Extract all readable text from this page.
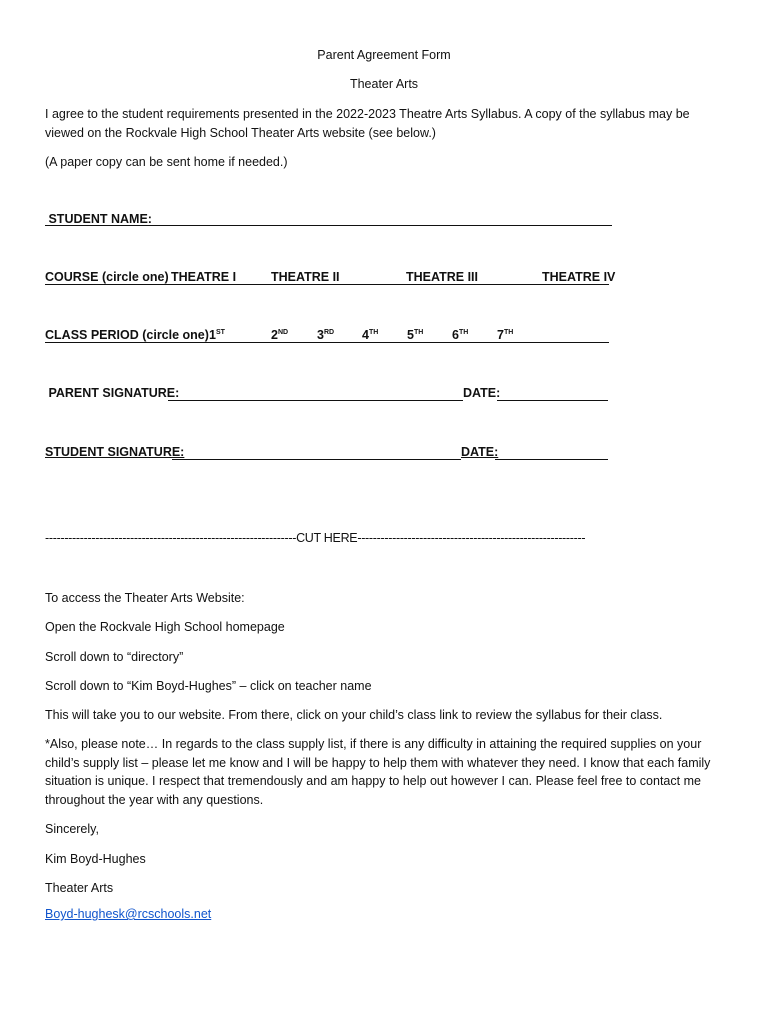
Parent Agreement Form
Theater Arts
I agree to the student requirements presented in the 2022-2023 Theatre Arts Syllabus. A copy of the syllabus may be viewed on the Rockvale High School Theater Arts website (see below.)
(A paper copy can be sent home if needed.)
STUDENT NAME:
COURSE (circle one) THEATRE I	THEATRE II	THEATRE III	THEATRE IV
CLASS PERIOD (circle one) 1ST	2ND 3RD 4TH 5TH 6TH 7TH
PARENT SIGNATURE:	DATE:
STUDENT SIGNATURE:	DATE:
-----------------------------------------------------------------CUT HERE-----------------------------------------------------------
To access the Theater Arts Website:
Open the Rockvale High School homepage
Scroll down to “directory”
Scroll down to “Kim Boyd-Hughes” – click on teacher name
This will take you to our website. From there, click on your child’s class link to review the syllabus for their class.
*Also, please note… In regards to the class supply list, if there is any difficulty in attaining the required supplies on your child’s supply list – please let me know and I will be happy to help them with whatever they need. I know that each family situation is unique. I respect that tremendously and am happy to help out however I can. Please feel free to contact me throughout the year with any questions.
Sincerely,
Kim Boyd-Hughes
Theater Arts
Boyd-hughesk@rcschools.net
